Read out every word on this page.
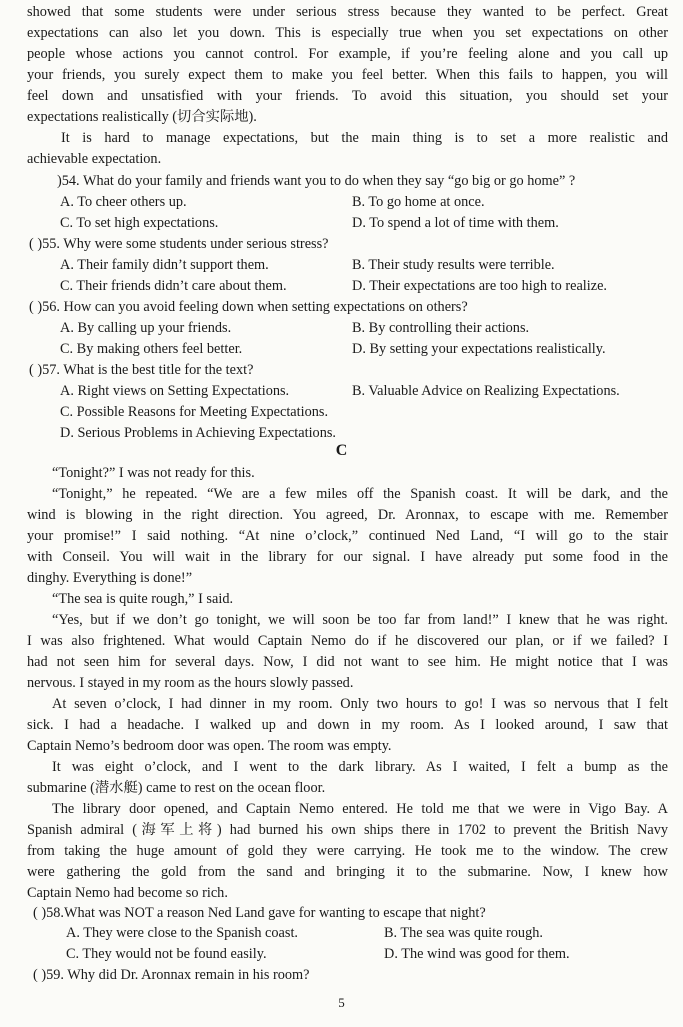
showed that some students were under serious stress because they wanted to be perfect. Great
expectations can also let you down. This is especially true when you set expectations on other
people whose actions you cannot control. For example, if you’re feeling alone and you call up
your friends, you surely expect them to make you feel better. When this fails to happen, you will
feel down and unsatisfied with your friends. To avoid this situation, you should set your
expectations realistically (切合实际地).
It is hard to manage expectations, but the main thing is to set a more realistic and
achievable expectation.
)54. What do your family and friends want you to do when they say “go big or go home” ?
A. To cheer others up.	B. To go home at once.
C. To set high expectations.	D. To spend a lot of time with them.
( )55. Why were some students under serious stress?
A. Their family didn’t support them.	B. Their study results were terrible.
C. Their friends didn’t care about them.	D. Their expectations are too high to realize.
( )56. How can you avoid feeling down when setting expectations on others?
A. By calling up your friends.	B. By controlling their actions.
C. By making others feel better.	D. By setting your expectations realistically.
( )57. What is the best title for the text?
A. Right views on Setting Expectations.	B. Valuable Advice on Realizing Expectations.
C. Possible Reasons for Meeting Expectations.
D. Serious Problems in Achieving Expectations.
C
“Tonight?” I was not ready for this.
“Tonight,” he repeated. “We are a few miles off the Spanish coast. It will be dark, and the
wind is blowing in the right direction. You agreed, Dr. Aronnax, to escape with me. Remember
your promise!” I said nothing. “At nine o’clock,” continued Ned Land, “I will go to the stair
with Conseil. You will wait in the library for our signal. I have already put some food in the
dinghy. Everything is done!”
“The sea is quite rough,” I said.
“Yes, but if we don’t go tonight, we will soon be too far from land!” I knew that he was right.
I was also frightened. What would Captain Nemo do if he discovered our plan, or if we failed? I
had not seen him for several days. Now, I did not want to see him. He might notice that I was
nervous. I stayed in my room as the hours slowly passed.
At seven o’clock, I had dinner in my room. Only two hours to go! I was so nervous that I felt
sick. I had a headache. I walked up and down in my room. As I looked around, I saw that
Captain Nemo’s bedroom door was open. The room was empty.
It was eight o’clock, and I went to the dark library. As I waited, I felt a bump as the
submarine (潜水艇) came to rest on the ocean floor.
The library door opened, and Captain Nemo entered. He told me that we were in Vigo Bay. A
Spanish admiral (海军上将) had burned his own ships there in 1702 to prevent the British Navy
from taking the huge amount of gold they were carrying. He took me to the window. The crew
were gathering the gold from the sand and bringing it to the submarine. Now, I knew how
Captain Nemo had become so rich.
( )58.What was NOT a reason Ned Land gave for wanting to escape that night?
A. They were close to the Spanish coast.	B. The sea was quite rough.
C. They would not be found easily.	D. The wind was good for them.
( )59. Why did Dr. Aronnax remain in his room?
5
